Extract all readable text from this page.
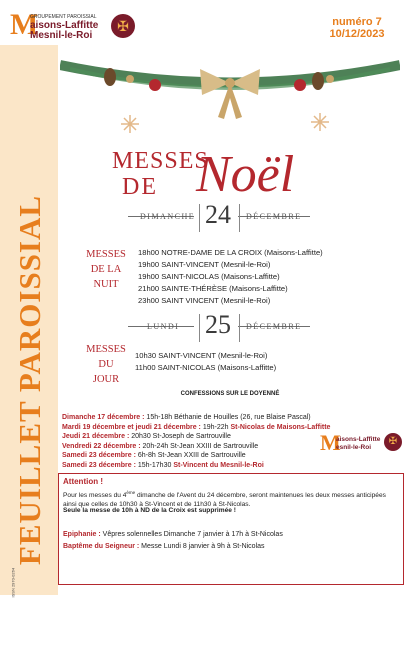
FEUILLET PAROISSIAL
ISSN 2970-0264
M
GROUPEMENT PAROISSIAL
aisons-Laffitte
Mesnil-le-Roi
✠	numéro 7
10/12/2023
MESSES
DE Noël
DIMANCHE 24 DÉCEMBRE
MESSES
DE LA
NUIT
18h00 NOTRE-DAME DE LA CROIX (Maisons-Laffitte)
19h00 SAINT-VINCENT (Mesnil-le-Roi)
19h00 SAINT-NICOLAS (Maisons-Laffitte)
21h00 SAINTE-THÉRÈSE (Maisons-Laffitte)
23h00 SAINT VINCENT (Mesnil-le-Roi)
LUNDI 25 DÉCEMBRE
MESSES
DU
JOUR
10h30 SAINT-VINCENT (Mesnil-le-Roi)
11h00 SAINT-NICOLAS (Maisons-Laffitte)
CONFESSIONS SUR LE DOYENNÉ
Dimanche 17 décembre : 15h-18h Béthanie de Houilles (26, rue Blaise Pascal)
Mardi 19 décembre et jeudi 21 décembre : 19h-22h St-Nicolas de Maisons-Laffitte
Jeudi 21 décembre : 20h30 St-Joseph de Sartrouville
Vendredi 22 décembre : 20h-24h St-Jean XXIII de Sartrouville
Samedi 23 décembre : 6h-8h St-Jean XXIII de Sartrouville
Samedi 23 décembre : 15h-17h30 St-Vincent du Mesnil-le-Roi
M
aisons-Laffitte
esnil-le-Roi
✠
Attention !
Pour les messes du 4ème dimanche de l'Avent du 24 décembre, seront maintenues les deux messes anticipées ainsi que celles de 10h30 à St-Vincent et de 11h30 à St-Nicolas.
Seule la messe de 10h à ND de la Croix est supprimée !
Epiphanie : Vêpres solennelles Dimanche 7 janvier à 17h à St-Nicolas
Baptême du Seigneur : Messe Lundi 8 janvier à 9h à St-Nicolas
